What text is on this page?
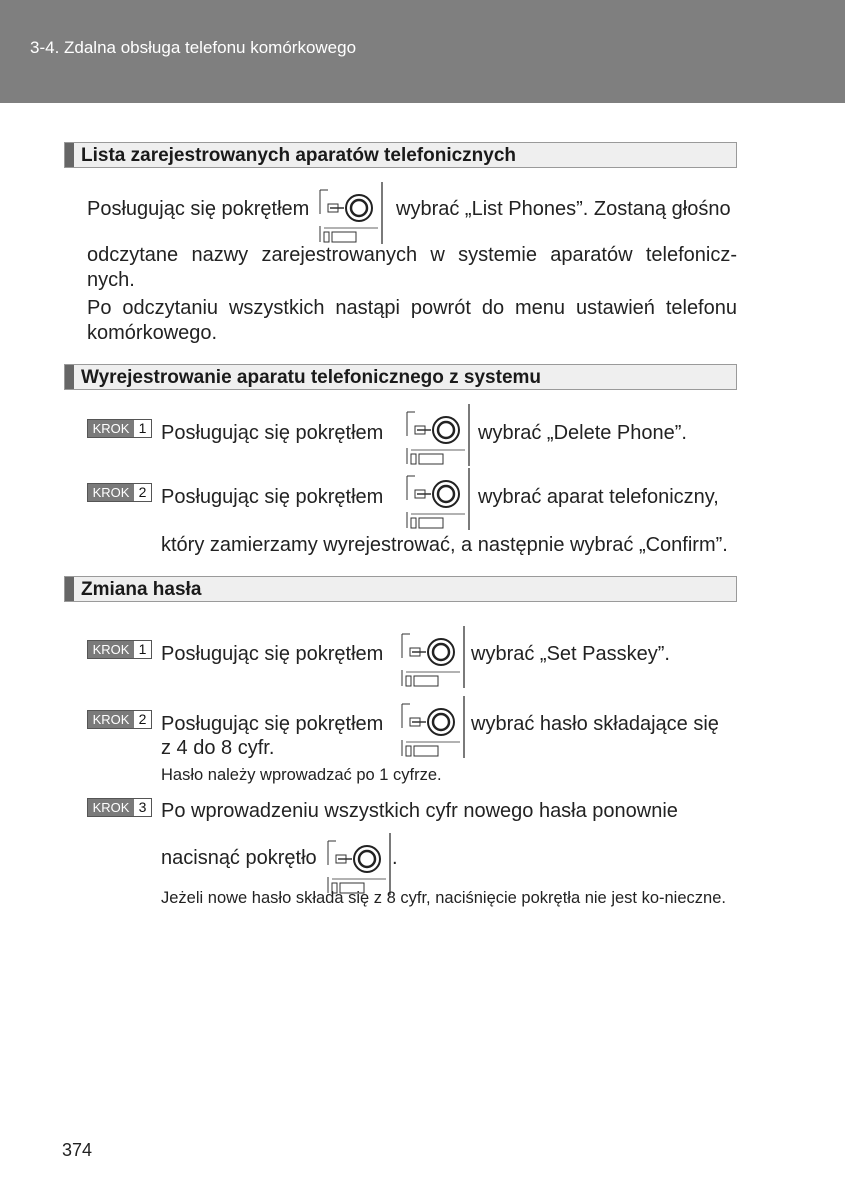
3-4. Zdalna obsługa telefonu komórkowego
Lista zarejestrowanych aparatów telefonicznych
Posługując się pokrętłem	wybrać „List Phones”. Zostaną głośno
odczytane nazwy zarejestrowanych w systemie aparatów telefonicz-nych.
Po odczytaniu wszystkich nastąpi powrót do menu ustawień telefonu komórkowego.
Wyrejestrowanie aparatu telefonicznego z systemu
KROK 1 Posługując się pokrętłem	wybrać „Delete Phone”.
KROK 2 Posługując się pokrętłem	wybrać aparat telefoniczny,
który zamierzamy wyrejestrować, a następnie wybrać „Confirm”.
Zmiana hasła
KROK 1 Posługując się pokrętłem	wybrać „Set Passkey”.
KROK 2 Posługując się pokrętłem	wybrać hasło składające się
z 4 do 8 cyfr.
Hasło należy wprowadzać po 1 cyfrze.
KROK 3 Po wprowadzeniu wszystkich cyfr nowego hasła ponownie
nacisnąć pokrętło	.
Jeżeli nowe hasło składa się z 8 cyfr, naciśnięcie pokrętła nie jest ko-nieczne.
374
